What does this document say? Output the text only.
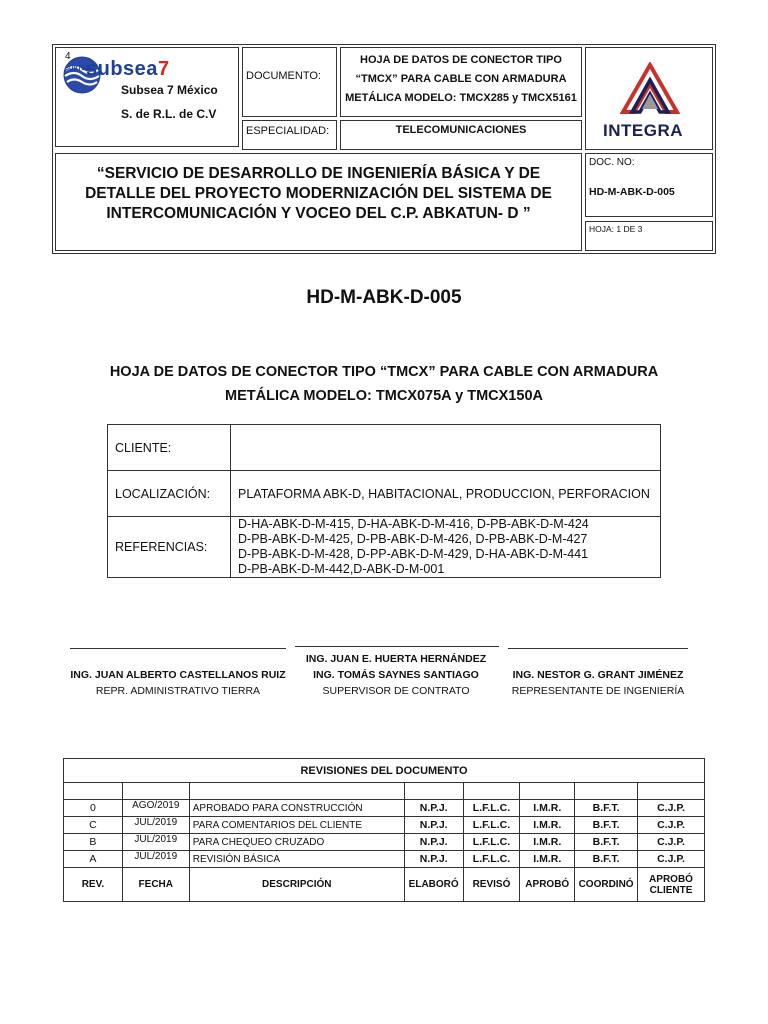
4
SUBTEC
subsea7
Subsea 7 México
S. de R.L. de C.V
DOCUMENTO:
HOJA DE DATOS DE CONECTOR TIPO “TMCX” PARA CABLE CON ARMADURA METÁLICA MODELO: TMCX285 y TMCX5161
ESPECIALIDAD:	TELECOMUNICACIONES	INTEGRA
“SERVICIO DE DESARROLLO DE INGENIERÍA BÁSICA Y DE DETALLE DEL PROYECTO MODERNIZACIÓN DEL SISTEMA DE INTERCOMUNICACIÓN Y VOCEO DEL C.P. ABKATUN- D ”
DOC. NO:
HD-M-ABK-D-005
HOJA: 1 DE 3
HD-M-ABK-D-005
HOJA DE DATOS DE CONECTOR TIPO “TMCX” PARA CABLE CON ARMADURA
METÁLICA MODELO: TMCX075A y TMCX150A
CLIENTE:	
LOCALIZACIÓN:	PLATAFORMA ABK-D, HABITACIONAL, PRODUCCION, PERFORACION
REFERENCIAS:	D-HA-ABK-D-M-415, D-HA-ABK-D-M-416, D-PB-ABK-D-M-424
D-PB-ABK-D-M-425, D-PB-ABK-D-M-426, D-PB-ABK-D-M-427
D-PB-ABK-D-M-428, D-PP-ABK-D-M-429, D-HA-ABK-D-M-441
D-PB-ABK-D-M-442,D-ABK-D-M-001
ING. JUAN ALBERTO CASTELLANOS RUIZ
REPR. ADMINISTRATIVO TIERRA
ING. JUAN E. HUERTA HERNÁNDEZ
ING. TOMÁS SAYNES SANTIAGO
SUPERVISOR DE CONTRATO
ING. NESTOR G. GRANT JIMÉNEZ
REPRESENTANTE DE INGENIERÍA
REVISIONES DEL DOCUMENTO							

0	AGO/2019	APROBADO PARA CONSTRUCCIÓN	N.P.J.	L.F.L.C.	I.M.R.	B.F.T.	C.J.P.
C	JUL/2019	PARA COMENTARIOS DEL CLIENTE	N.P.J.	L.F.L.C.	I.M.R.	B.F.T.	C.J.P.
B	JUL/2019	PARA CHEQUEO CRUZADO	N.P.J.	L.F.L.C.	I.M.R.	B.F.T.	C.J.P.
A	JUL/2019	REVISIÓN BÁSICA	N.P.J.	L.F.L.C.	I.M.R.	B.F.T.	C.J.P.
REV.	FECHA	DESCRIPCIÓN	ELABORÓ	REVISÓ	APROBÓ	COORDINÓ	APROBÓ CLIENTE
